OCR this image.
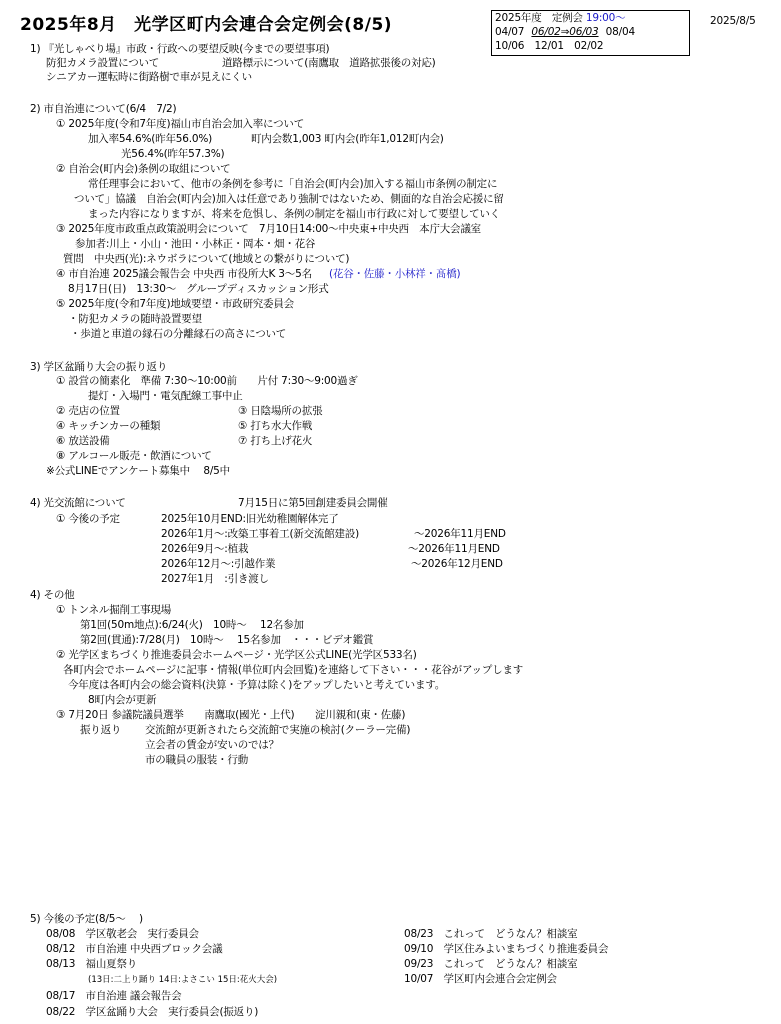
2025年8月　光学区町内会連合会定例会(8/5)	2025年度　定例会 19:00～
04/07 06/02⇒06/03 08/04
10/06　12/01　02/02
2025/8/5
1) 『光しゃべり場』市政・行政への要望反映(今までの要望事項)
防犯カメラ設置について	道路標示について(南鷹取　道路拡張後の対応)
シニアカー運転時に街路樹で車が見えにくい
2) 市自治連について(6/4　7/2)
① 2025年度(令和7年度)福山市自治会加入率について
加入率54.6%(昨年56.0%)	町内会数1,003 町内会(昨年1,012町内会)
光56.4%(昨年57.3%)
② 自治会(町内会)条例の取組について
常任理事会において、他市の条例を参考に「自治会(町内会)加入する福山市条例の制定に
ついて」協議　自治会(町内会)加入は任意であり強制ではないため、側面的な自治会応援に留
まった内容になりますが、将来を危惧し、条例の制定を福山市行政に対して要望していく
③ 2025年度市政重点政策説明会について　7月10日14:00～中央東+中央西　本庁大会議室
参加者:川上・小山・池田・小林正・岡本・畑・花谷
質問　中央西(光):ネウボラについて(地域との繋がりについて)
④ 市自治連 2025議会報告会 中央西 市役所大K 3～5名 (花谷・佐藤・小林祥・髙橋)
8月17日(日)　13:30～　グループディスカッション形式
⑤ 2025年度(令和7年度)地域要望・市政研究委員会
・防犯カメラの随時設置要望
・歩道と車道の縁石の分離縁石の高さについて
3) 学区盆踊り大会の振り返り
① 設営の簡素化　準備 7:30～10:00前　　片付 7:30～9:00過ぎ
提灯・入場門・電気配線工事中止
② 売店の位置	③ 日陰場所の拡張
④ キッチンカーの種類	⑤ 打ち水大作戦
⑥ 放送設備	⑦ 打ち上げ花火
⑧ アルコール販売・飲酒について
※公式LINEでアンケート募集中　 8/5中
4) 光交流館について	7月15日に第5回創建委員会開催
① 今後の予定	2025年10月END:旧光幼稚園解体完了
2026年1月～:改築工事着工(新交流館建設)	～2026年11月END
2026年9月～:植栽	～2026年11月END
2026年12月～:引越作業	～2026年12月END
2027年1月　:引き渡し
4) その他
① トンネル掘削工事現場
第1回(50m地点):6/24(火)　10時～　 12名参加
第2回(貫通):7/28(月)　10時～　 15名参加　・・・ビデオ鑑賞
② 光学区まちづくり推進委員会ホームページ・光学区公式LINE(光学区533名)
各町内会でホームページに記事・情報(単位町内会回覧)を連絡して下さい・・・花谷がアップします
今年度は各町内会の総会資料(決算・予算は除く)をアップしたいと考えています。
8町内会が更新
③ 7月20日 参議院議員選挙　　南鷹取(國光・上代)　　淀川親和(東・佐藤)
振り返り 交流館が更新されたら交流館で実施の検討(クーラー完備)
立会者の賃金が安いのでは？
市の職員の服装・行動
5) 今後の予定(8/5～　 )
08/08　学区敬老会　実行委員会
08/12　市自治連 中央西ブロック会議
08/13　福山夏祭り
(13日:二上り踊り 14日:よさこい 15日:花火大会)
08/17　市自治連 議会報告会
08/22　学区盆踊り大会　実行委員会(振返り)
08/23　これって　どうなん？相談室
09/10　学区住みよいまちづくり推進委員会
09/23　これって　どうなん？相談室
10/07　学区町内会連合会定例会
